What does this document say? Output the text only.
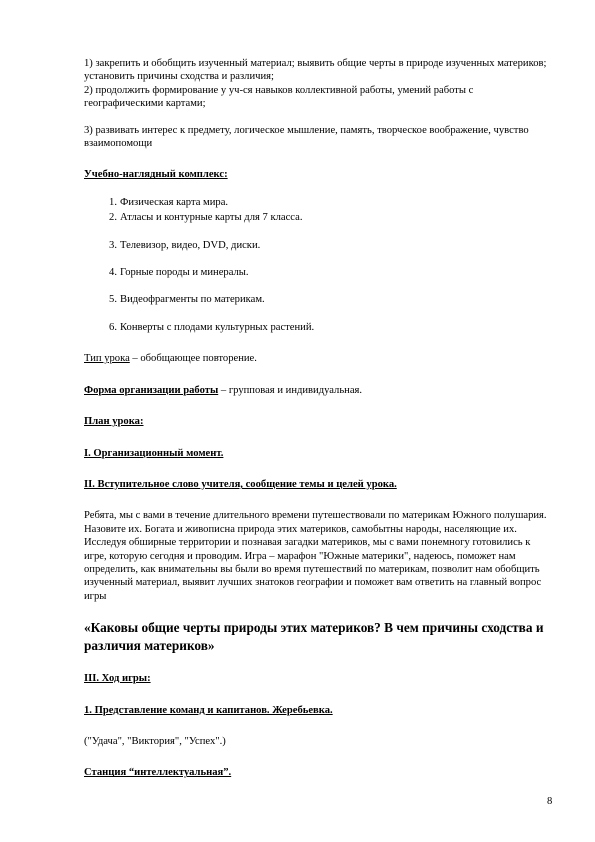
1) закрепить и обобщить изученный материал; выявить общие черты в природе изученных материков; установить причины сходства и различия;

2) продолжить формирование у уч-ся навыков коллективной работы, умений работы с географическими картами;

3) развивать интерес к предмету, логическое мышление, память, творческое воображение, чувство взаимопомощи

Учебно-наглядный комплекс:

1. Физическая карта мира.
2. Атласы и контурные карты для 7 класса.
3. Телевизор, видео, DVD, диски.
4. Горные породы и минералы.
5. Видеофрагменты по материкам.
6. Конверты с плодами культурных растений.

Тип урока – обобщающее повторение.

Форма организации работы – групповая и индивидуальная.

План урока:

I. Организационный момент.

II. Вступительное слово учителя, сообщение темы и целей урока.

Ребята, мы с вами в течение длительного времени путешествовали по материкам Южного полушария. Назовите их. Богата и живописна природа этих материков, самобытны народы, населяющие их. Исследуя обширные территории и познавая загадки материков, мы с вами понемногу готовились к игре, которую сегодня и проводим. Игра – марафон "Южные материки", надеюсь, поможет нам определить, как внимательны вы были во время путешествий по материкам, позволит нам обобщить изученный материал, выявит лучших знатоков географии и поможет вам ответить на главный вопрос игры

«Каковы общие черты природы этих материков? В чем причины сходства и различия материков»

III. Ход игры:

1. Представление команд и капитанов. Жеребьевка.

("Удача", "Виктория", "Успех".)

Станция “интеллектуальная”.

8
